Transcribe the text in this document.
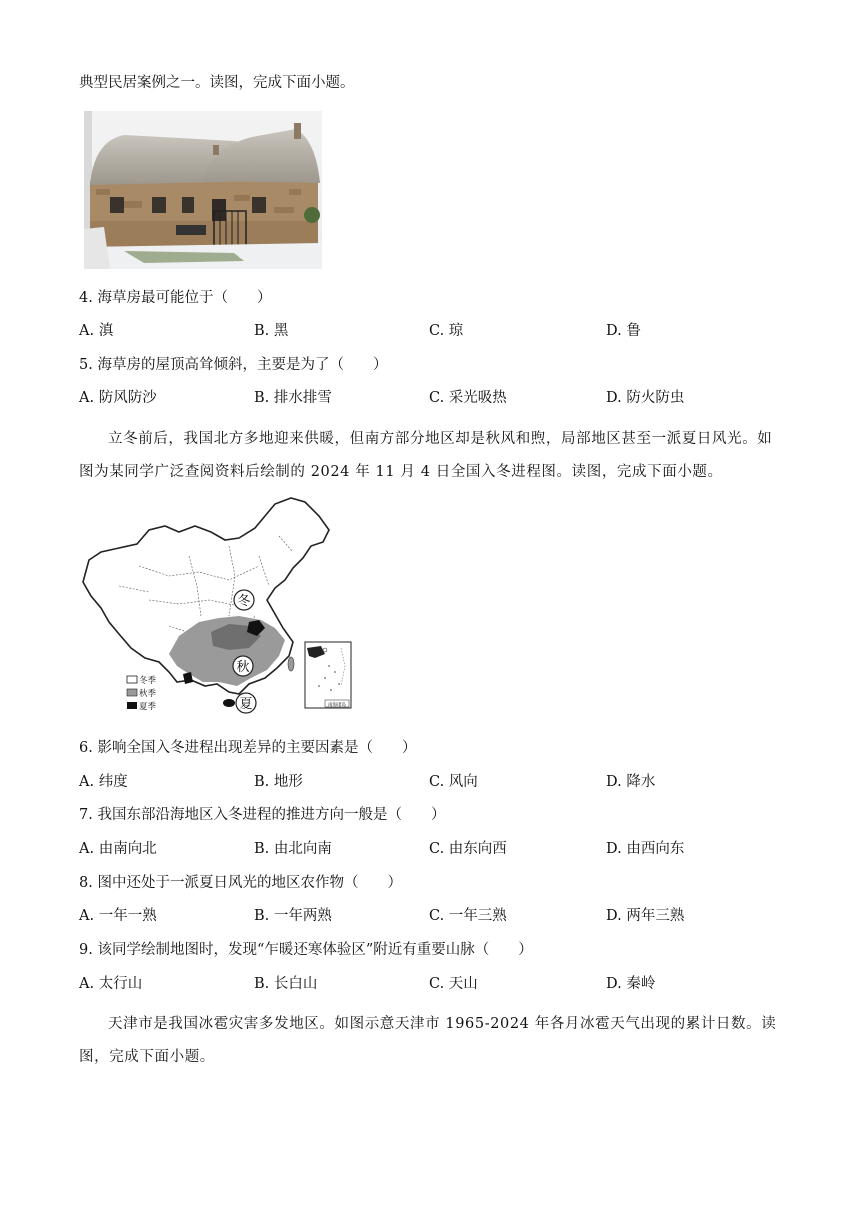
典型民居案例之一。读图，完成下面小题。
4. 海草房最可能位于（　　）
A. 滇	B. 黑	C. 琼	D. 鲁
5. 海草房的屋顶高耸倾斜，主要是为了（　　）
A. 防风防沙	B. 排水排雪	C. 采光吸热	D. 防火防虫
立冬前后，我国北方多地迎来供暖，但南方部分地区却是秋风和煦，局部地区甚至一派夏日风光。如图为某同学广泛查阅资料后绘制的 2024 年 11 月 4 日全国入冬进程图。读图，完成下面小题。
冬
秋
夏
冬季
秋季
夏季	南海诸岛
6. 影响全国入冬进程出现差异的主要因素是（　　）
A. 纬度	B. 地形	C. 风向	D. 降水
7. 我国东部沿海地区入冬进程的推进方向一般是（　　）
A. 由南向北	B. 由北向南	C. 由东向西	D. 由西向东
8. 图中还处于一派夏日风光的地区农作物（　　）
A. 一年一熟	B. 一年两熟	C. 一年三熟	D. 两年三熟
9. 该同学绘制地图时，发现“乍暖还寒体验区”附近有重要山脉（　　）
A. 太行山	B. 长白山	C. 天山	D. 秦岭
天津市是我国冰雹灾害多发地区。如图示意天津市 1965-2024 年各月冰雹天气出现的累计日数。读图，完成下面小题。
